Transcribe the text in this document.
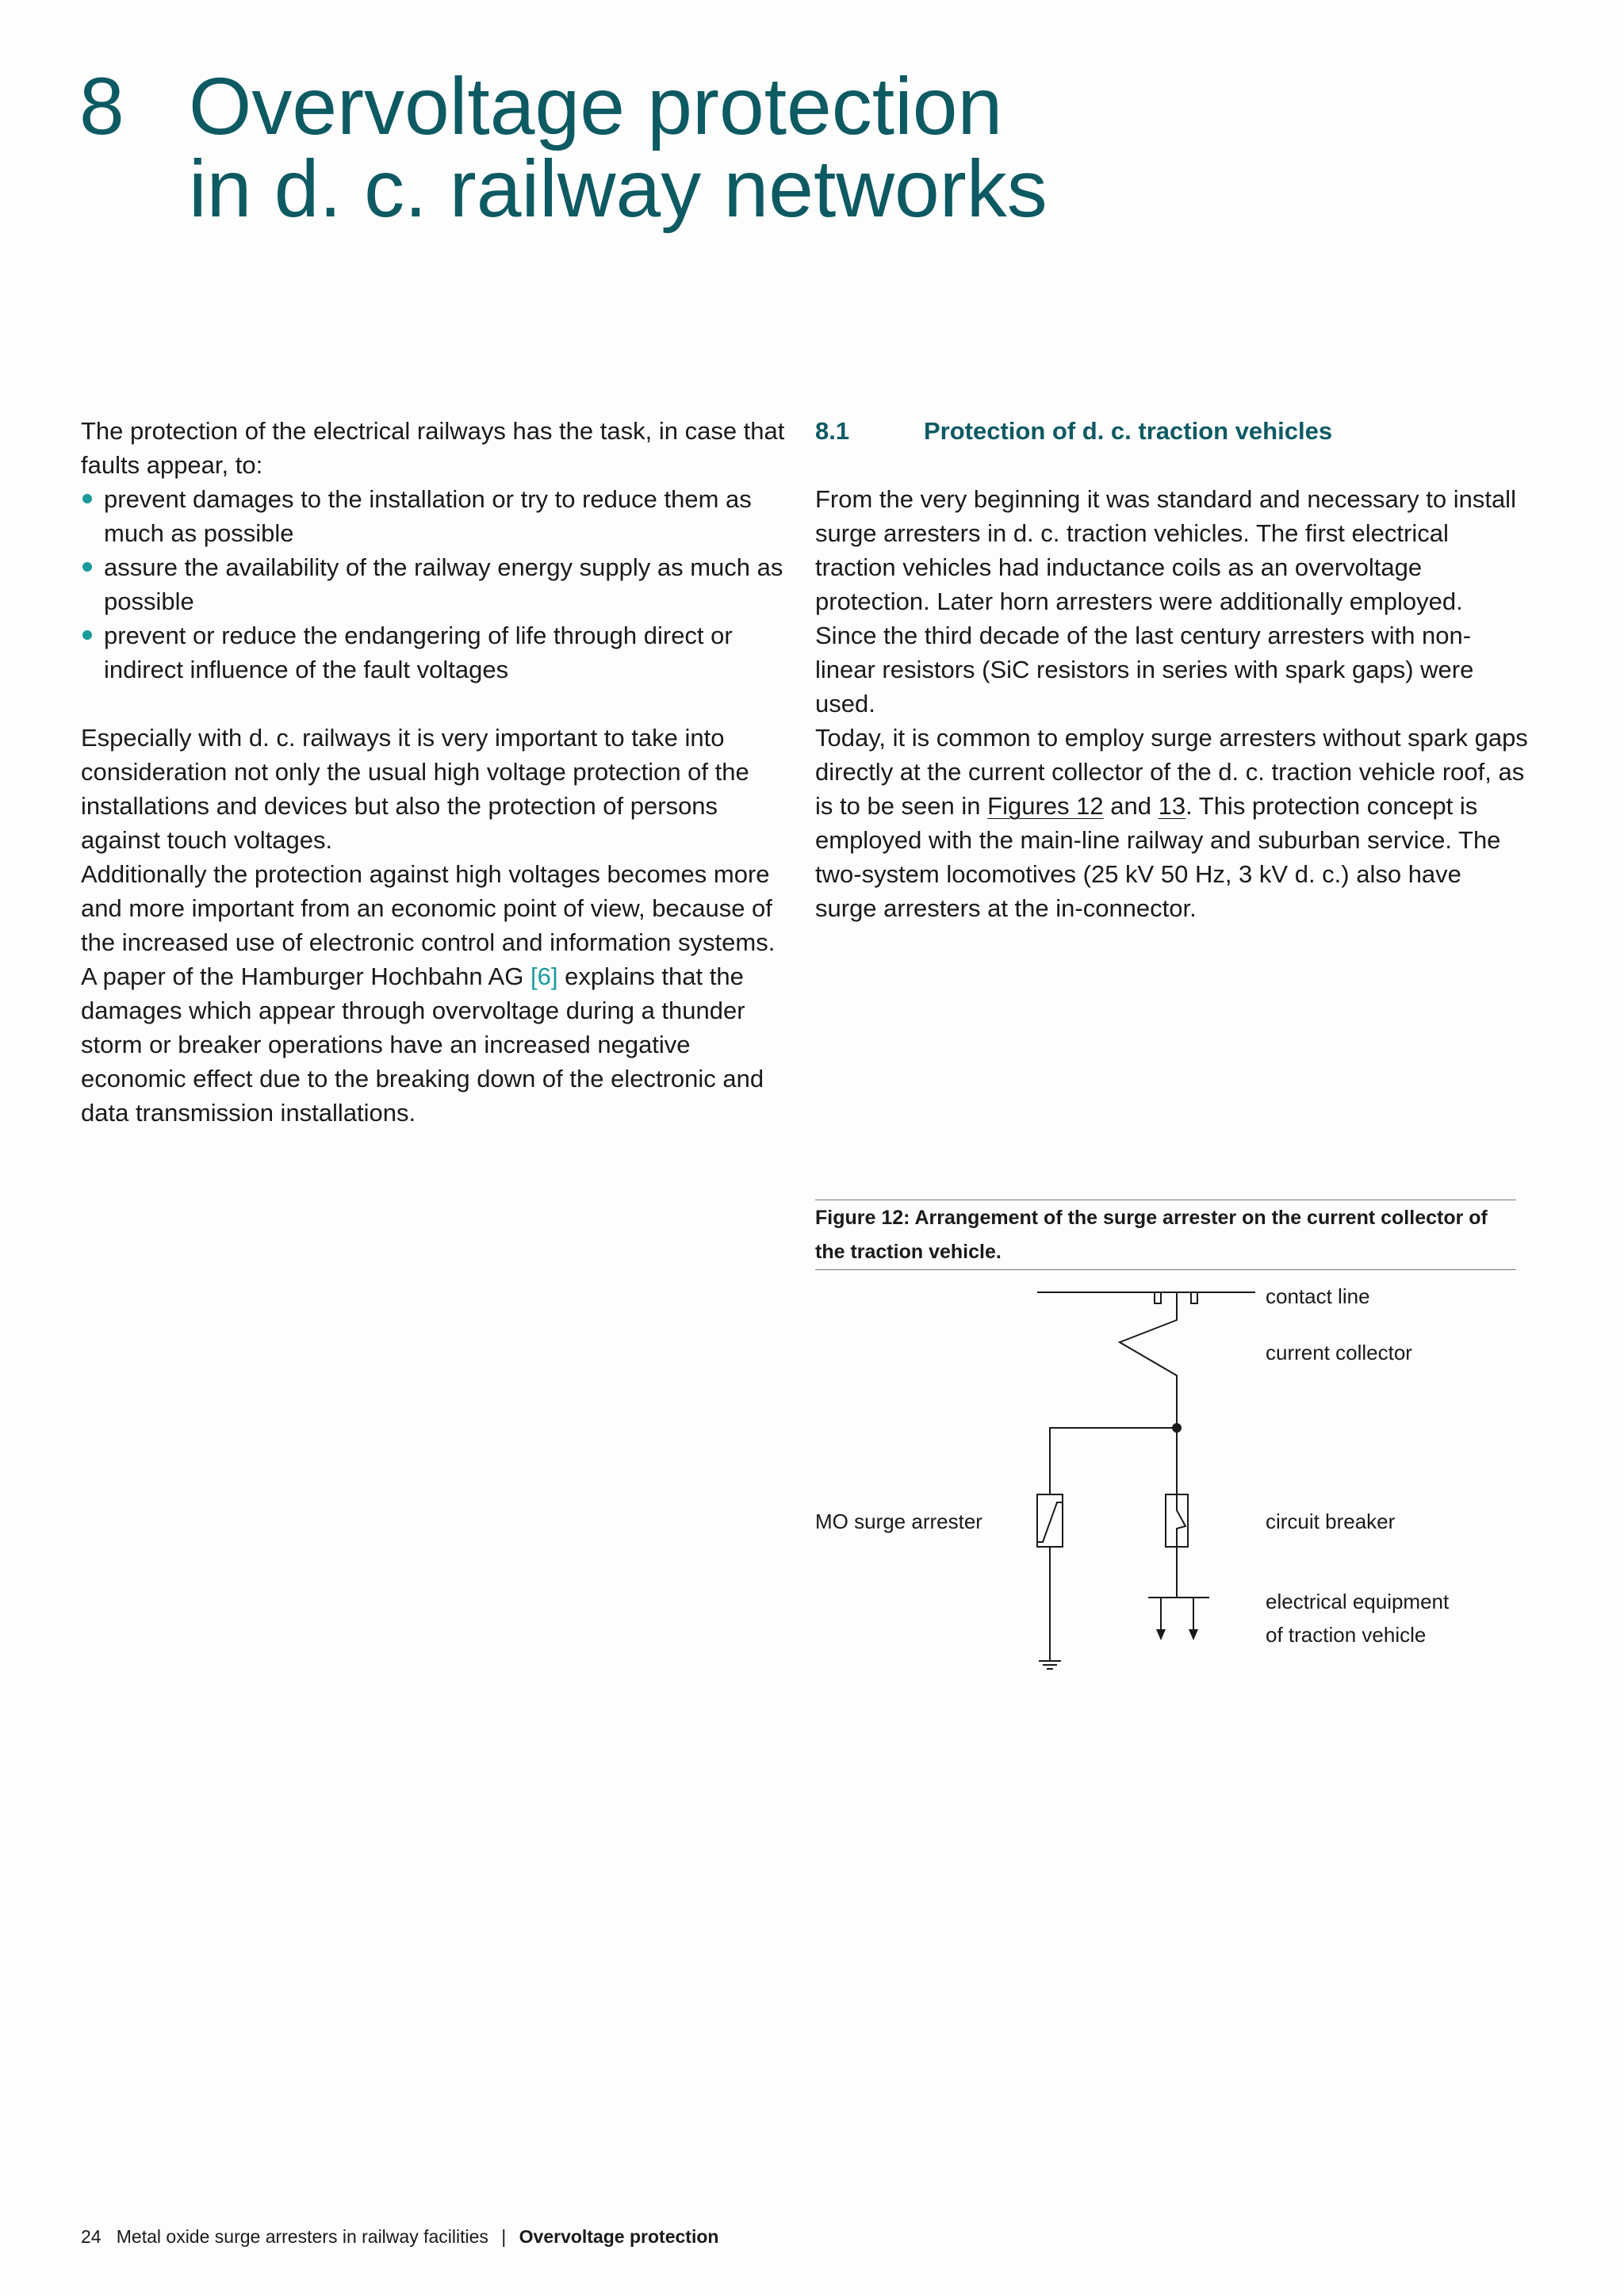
8 Overvoltage protection
in d. c. railway networks

The protection of the electrical railways has the task, in case that faults appear, to:

prevent damages to the installation or try to reduce them as much as possible
assure the availability of the railway energy supply as much as possible
prevent or reduce the endangering of life through direct or indirect influence of the fault voltages

Especially with d. c. railways it is very important to take into consideration not only the usual high voltage protection of the installations and devices but also the protection of persons against touch voltages.

Additionally the protection against high voltages becomes more and more important from an economic point of view, because of the increased use of electronic control and information systems. A paper of the Hamburger Hochbahn AG [6] explains that the damages which appear through overvoltage during a thunder storm or breaker operations have an increased negative economic effect due to the breaking down of the electronic and data transmission installations.

8.1	Protection of d. c. traction vehicles

From the very beginning it was standard and necessary to install surge arresters in d. c. traction vehicles. The first electrical traction vehicles had inductance coils as an overvoltage protection. Later horn arresters were additionally employed. Since the third decade of the last century arresters with non-linear resistors (SiC resistors in series with spark gaps) were used.

Today, it is common to employ surge arresters without spark gaps directly at the current collector of the d. c. traction vehicle roof, as is to be seen in Figures 12 and 13. This protection concept is employed with the main-line railway and suburban service. The two-system locomotives (25 kV 50 Hz, 3 kV d. c.) also have surge arresters at the in-connector.

Figure 12: Arrangement of the surge arrester on the current collector of the traction vehicle.
contact line
current collector
MO surge arrester	circuit breaker
electrical equipment
of traction vehicle
24 Metal oxide surge arresters in railway facilities | Overvoltage protection
